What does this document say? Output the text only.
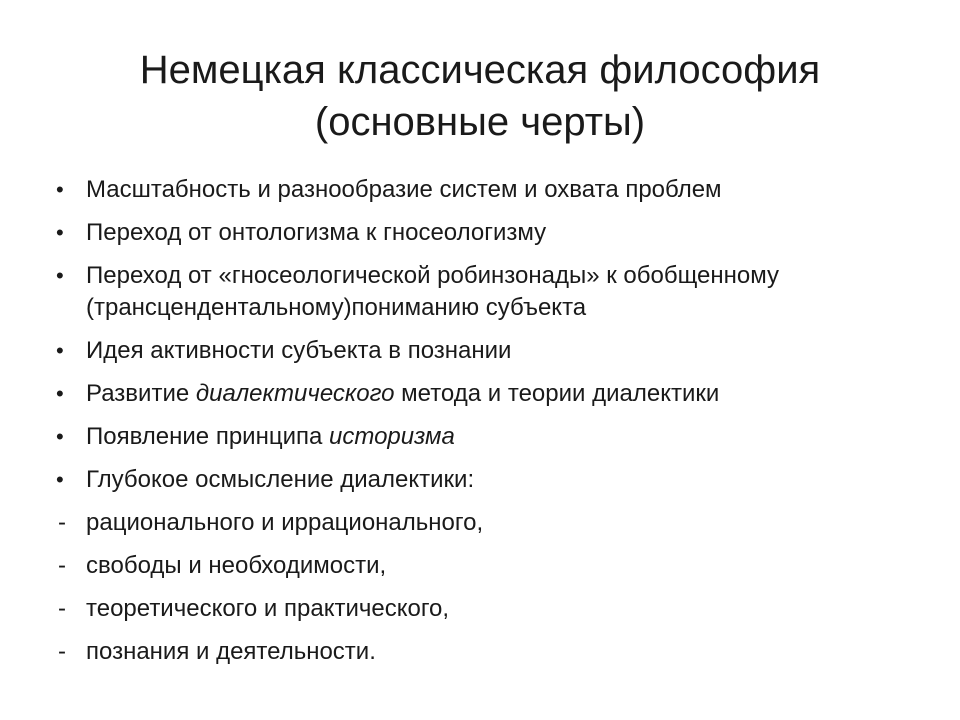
Немецкая классическая философия
(основные черты)
• Масштабность и разнообразие систем и охвата проблем
• Переход от онтологизма к гносеологизму
• Переход от «гносеологической робинзонады» к обобщенному (трансцендентальному)пониманию субъекта
• Идея активности субъекта в познании
• Развитие диалектического метода и теории диалектики
• Появление принципа историзма
• Глубокое осмысление диалектики:
- рационального и иррационального,
- свободы и необходимости,
- теоретического и практического,
- познания и деятельности.
